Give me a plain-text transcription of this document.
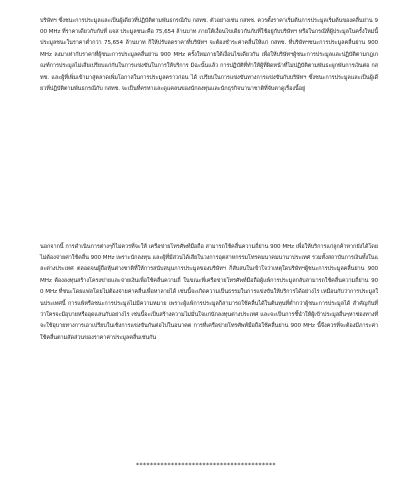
บริษัทฯ ซึ่งชนะการประมูลและเป็นผู้เดียวที่ปฏิบัติตามพันธกรณีกับ กสทช. ตัวอย่างเช่น กสทช. ควรตั้งราคาเริ่มต้นการประมูลเริ่มต้นของคลื่นย่าน 900 MHz ที่ราคาเดียวกับกับที่ แจส ประมูลชนะคือ 75,654 ล้านบาท ภายใต้เงื่อนไขเดียวกันกับที่ใช้อยู่กับบริษัทฯ หรือในกรณีที่ผู้ประมูลในครั้งใหม่นี้ประมูลชนะในราคาต่ำกว่า 75,654 ล้านบาท ก็ให้ปรับลดราคาที่บริษัทฯ จะต้องชำระค่าคลื่นให้แก่ กสทช. ที่บริษัทฯชนะการประมูลคลื่นย่าน 900 MHz ลงมาเท่ากับราคาที่ผู้ชนะการประมูลคลื่นย่าน 900 MHz ครั้งใหม่ภายใต้เงื่อนไขเดียวกัน เพื่อให้บริษัทฯผู้ชนะการประมูลและปฏิบัติตามกฎเกณฑ์การประมูลไม่เสียเปรียบแก่กันในการแข่งขันในการให้บริการ มิฉะนั้นแล้ว การปฏิบัติที่ทำให้ผู้ที่ผิดหน้าที่ไม่ปฏิบัติตามพันธะผูกพันการเงินต่อ กสทช. และผู้ที่เพิ่มเข้ามาสู่ตลาดเพิ่มโอกาสในการประมูลคราวก่อน ได้ เปรียบในการแข่งขันทางการแข่งขันกับบริษัทฯ ซึ่งชนะการประมูลและเป็นผู้เดียวที่ปฏิบัติตามพันธกรณีกับ กสทช. จะเป็นที่ครหาและดูแคลนของนักลงทุนและนักธุรกิจนานาชาติที่จับตาดูเรื่องนี้อยู่

นอกจากนี้ การดำเนินการต่างๆก็ไม่ควรที่จะให้ เครือข่ายโทรศัพท์มือถือ สามารถใช้คลื่นความถี่ย่าน 900 MHz เพื่อให้บริการแก่ลูกค้าหากยังได้โดยไม่ต้องจ่ายค่าใช้คลื่น 900 MHz เพราะนักลงทุน และผู้ที่มีส่วนได้เสียในวงการอุตสาหกรรมโทรคมนาคมนานาประเทศ รวมทั้งสถาบันการเงินทั้งในและต่างประเทศ ตลอดจนผู้ถือหุ้นต่างชาติที่ให้การสนับสนุนการประมูลของบริษัทฯ ก็สับสนในเข้าใจว่าเหตุใดบริษัทฯผู้ชนะการประมูลคลื่นย่าน 900 MHz ต้องลงทุนสร้างโครงข่ายและจ่ายเงินเพื่อใช้คลื่นความถี่ ในขณะที่เครือข่ายโทรศัพท์มือถือผู้แพ้การประมูลกลับสามารถใช้คลื่นความถี่ย่าน 900 MHz ที่ชนะโดยแฟลโดยไม่ต้องจ่ายค่าคลื่นเพื่อหาลายได้ เช่นนี้จะเกิดความเป็นธรรมในการแข่งขันให้บริการได้อย่างไร เหมือนกับว่าการประมูลในประเทศนี้ การแพ้หรือชนะการประมูลไม่มีความหมาย เพราะผู้แพ้การประมูลก็สามารถใช้คลื่นได้ในต้นทุนที่ต่ำกว่าผู้ชนะการประมูลได้ สำคัญกันที่ว่าใครจะมีอุบายหรืออุดแล่นกับอย่างไร เช่นนี้จะเป็นสร้างความไม่มั่นใจแก่นักลงทุนต่างประเทศ และจะเป็นการชี้นำให้ผู้เข้าประมูลอื่นๆหาช่องทางที่จะใช้อุบายทางการเอาเปรียบในเชิงการแข่งขันกันต่อไปในอนาคต การที่เครือข่ายโทรศัพท์มือถือใช้คลื่นย่าน 900 MHz นี้จึงควรที่จะต้องมีภาระค่าใช้คลื่นตามสัดส่วนของราคาค่าประมูลคลื่นเช่นกัน

****************************************
